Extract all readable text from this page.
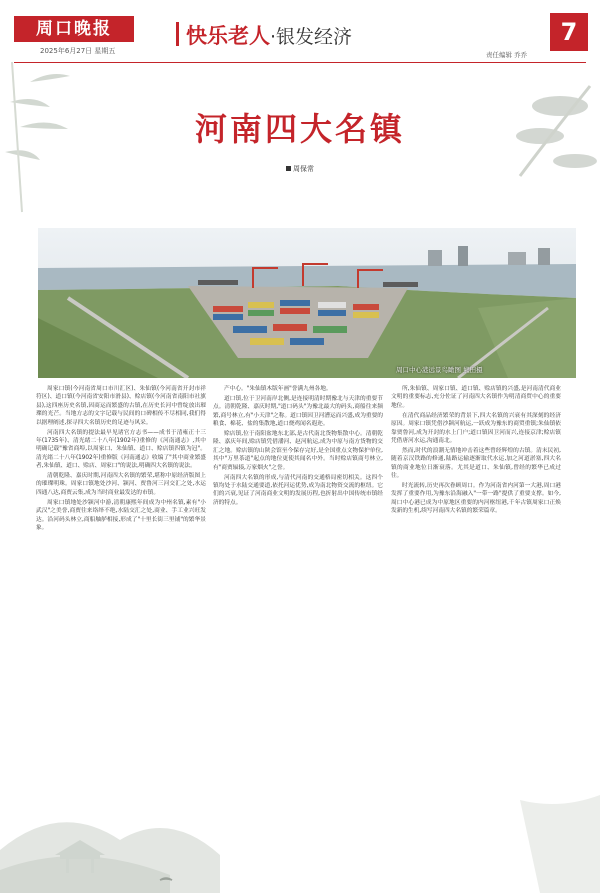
周口晚报
2025年6月27日 星期五
快乐老人·银发经济
责任编辑 乔乔
7
河南四大名镇
周保常
周口中心港远景鸟瞰图 熊田摄

周家口镇(今河南省周口市川汇区)、朱仙镇(今河南省开封市祥符区)、道口镇(今河南省安阳市滑县)、赊店镇(今河南省南阳市社旗县),这四座历史名镇,因商运而繁盛的古镇,在历史长河中曾绽放出璀璨的光芒。当地方志的文字记载与民间的口碑相传不尽相同,我们得以据理阐述,探寻四大名镇历史的足迹与风采。

河南四大名镇的提法最早见诸官方志书——成书于清雍正十三年(1735年)、清光绪二十八年(1902年)重修的《河南通志》,其中明确记载"豫省商埠,以周家口、朱仙镇、道口、赊店镇四镇为冠"。清光绪二十八年(1902年)重修版《河南通志》收编了"其中商业繁盛者,朱仙镇、道口、赊店、周家口"的说法,明确四大名镇的说法。

清朝乾隆、嘉庆时期,河南四大名镇的繁荣,堪称中原经济版图上的璀璨明珠。周家口镇地处沙河、颍河、贾鲁河三河交汇之处,水运四通八达,商贾云集,成为当时商业最发达的市镇。

周家口镇地处沙颍河中游,清朝康熙年间成为中州名镇,素有"小武汉"之美誉,商贾往来络绎不绝,水陆交汇之处,商业、手工业兴旺发达。沿河码头林立,商船舳舻相接,形成了"十里长街三里铺"的繁华景象。

产中心。"朱仙镇木版年画"誉满九州各地。

道口镇,位于卫河南岸北侧,是连接明清时期豫北与天津的重要节点。清朝乾隆、嘉庆时期,"道口码头"为豫北最大的码头,商船往来频繁,商号林立,有"小天津"之称。道口镇因卫河漕运而兴盛,成为重要的粮食、棉花、盐的集散地,道口烧鸡闻名遐迩。

赊店镇,位于南阳盆地东北部,是古代南北货物集散中心。清朝乾隆、嘉庆年间,赊店镇凭借潘河、赵河航运,成为中原与南方货物的交汇之地。赊店镇的山陕会馆至今保存完好,是全国重点文物保护单位,其中"万里茶道"起点的地位更使其闻名中外。当时赊店镇商号林立,有"商贾辐辏,万家烟火"之誉。

河南四大名镇的形成,与清代河南的交通格局密切相关。这四个镇均处于水陆交通要道,依托河运优势,成为南北物资交流的枢纽。它们的兴衰,见证了河南商业文明的发展历程,也折射出中国传统市镇经济的特点。

所,朱仙镇、周家口镇、道口镇、赊店镇的兴盛,是河南清代商业文明的重要标志,充分佐证了河南四大名镇作为明清商贸中心的重要地位。

在清代商品经济繁荣的背景下,四大名镇的兴衰有其深刻的经济原因。周家口镇凭借沙颍河航运,一跃成为豫东的商贸重镇;朱仙镇依靠贾鲁河,成为开封的水上门户;道口镇因卫河而兴,连接京津;赊店镇凭借唐河水运,沟通南北。

然而,时代的浪潮无情地冲击着这些曾经辉煌的古镇。清末民初,随着京汉铁路的修通,陆路运输逐渐取代水运,加之河道淤塞,四大名镇的商业地位日渐衰落。尤其是道口、朱仙镇,曾经的繁华已成过往。

时光流转,历史再次眷顾周口。作为河南省内河第一大港,周口港发挥了重要作用,为豫东沿海融入"一带一路"提供了重要支撑。如今,周口中心港已成为中原地区重要的内河枢纽港,千年古镇周家口正焕发新的生机,续写河南四大名镇的繁荣篇章。
